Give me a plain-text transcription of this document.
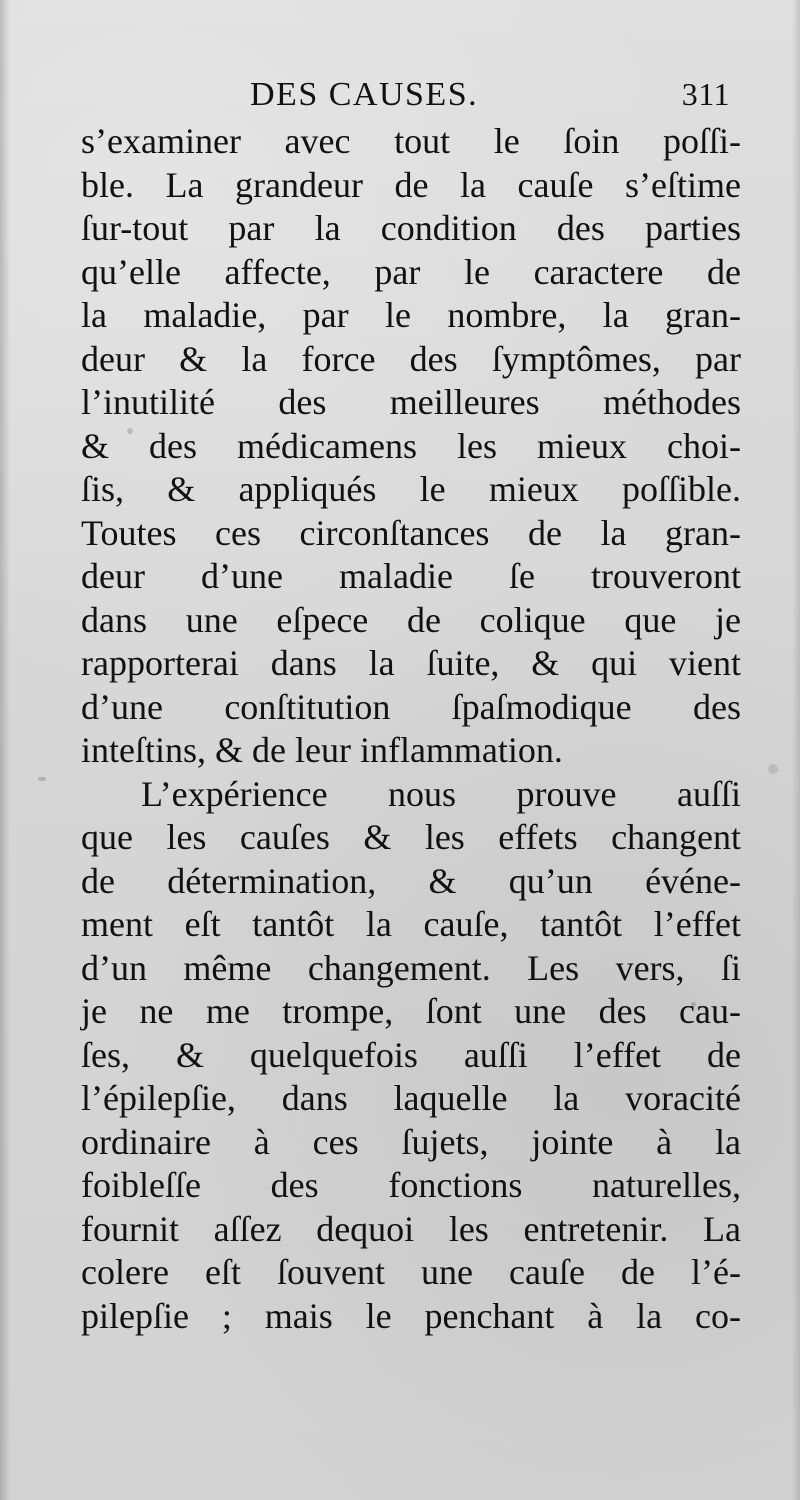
DES CAUSES.	311
s’examiner avec tout le ſoin poſſi-
ble. La grandeur de la cauſe s’eſtime
ſur-tout par la condition des parties
qu’elle affecte, par le caractere de
la maladie, par le nombre, la gran-
deur & la force des ſymptômes, par
l’inutilité des meilleures méthodes
& des médicamens les mieux choi-
ſis, & appliqués le mieux poſſible.
Toutes ces circonſtances de la gran-
deur d’une maladie ſe trouveront
dans une eſpece de colique que je
rapporterai dans la ſuite, & qui vient
d’une conſtitution ſpaſmodique des
inteſtins, & de leur inflammation.
L’expérience nous prouve auſſi
que les cauſes & les effets changent
de détermination, & qu’un événe-
ment eſt tantôt la cauſe, tantôt l’effet
d’un même changement. Les vers, ſi
je ne me trompe, ſont une des cau-
ſes, & quelquefois auſſi l’effet de
l’épilepſie, dans laquelle la voracité
ordinaire à ces ſujets, jointe à la
foibleſſe des fonctions naturelles,
fournit aſſez dequoi les entretenir. La
colere eſt ſouvent une cauſe de l’é-
pilepſie ; mais le penchant à la co-
